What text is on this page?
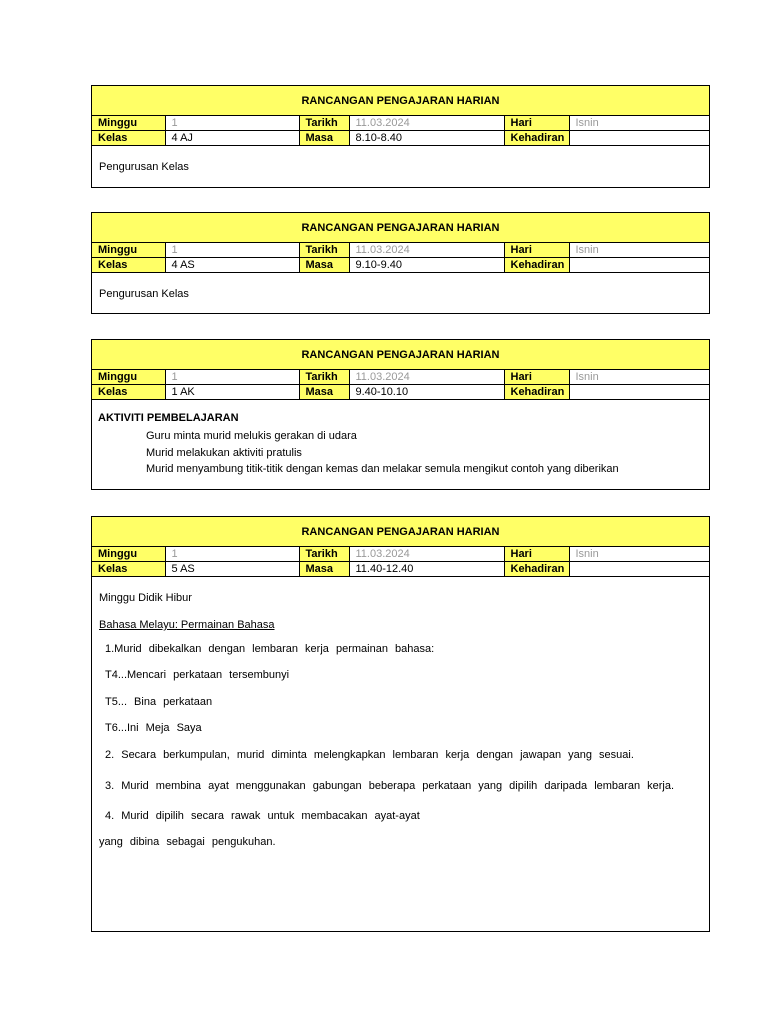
RANCANGAN PENGAJARAN HARIAN
Minggu	1	Tarikh	11.03.2024	Hari	Isnin
Kelas	4 AJ	Masa	8.10-8.40	Kehadiran	
Pengurusan Kelas
RANCANGAN PENGAJARAN HARIAN
Minggu	1	Tarikh	11.03.2024	Hari	Isnin
Kelas	4 AS	Masa	9.10-9.40	Kehadiran	
Pengurusan Kelas
RANCANGAN PENGAJARAN HARIAN
Minggu	1	Tarikh	11.03.2024	Hari	Isnin
Kelas	1 AK	Masa	9.40-10.10	Kehadiran	
AKTIVITI PEMBELAJARAN
Guru minta murid melukis gerakan di udara
Murid melakukan aktiviti pratulis
Murid menyambung titik-titik dengan kemas dan melakar semula mengikut contoh yang diberikan
RANCANGAN PENGAJARAN HARIAN
Minggu	1	Tarikh	11.03.2024	Hari	Isnin
Kelas	5 AS	Masa	11.40-12.40	Kehadiran	
Minggu Didik Hibur
Bahasa Melayu: Permainan Bahasa
1.Murid dibekalkan dengan lembaran kerja permainan bahasa:
T4...Mencari perkataan tersembunyi
T5... Bina perkataan
T6...Ini Meja Saya
2. Secara berkumpulan, murid diminta melengkapkan lembaran kerja dengan jawapan yang sesuai.
3. Murid membina ayat menggunakan gabungan beberapa perkataan yang dipilih daripada lembaran kerja.
4. Murid dipilih secara rawak untuk membacakan ayat-ayat
yang dibina sebagai pengukuhan.
